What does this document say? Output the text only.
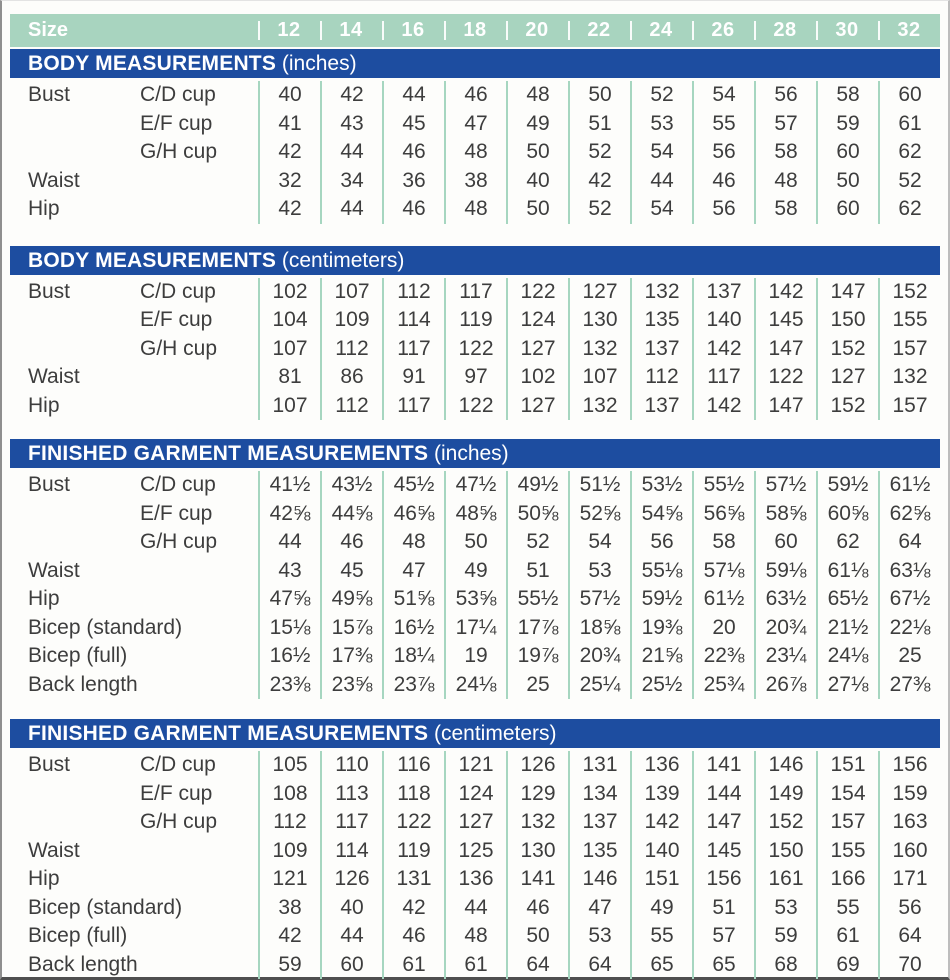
Size	12	14	16	18	20	22	24	26	28	30	32
BODY MEASUREMENTS (inches)
Bust	C/D cup	40	42	44	46	48	50	52	54	56	58	60
E/F cup	41	43	45	47	49	51	53	55	57	59	61
G/H cup	42	44	46	48	50	52	54	56	58	60	62
Waist	32	34	36	38	40	42	44	46	48	50	52
Hip	42	44	46	48	50	52	54	56	58	60	62
BODY MEASUREMENTS (centimeters)
Bust	C/D cup	102	107	112	117	122	127	132	137	142	147	152
E/F cup	104	109	114	119	124	130	135	140	145	150	155
G/H cup	107	112	117	122	127	132	137	142	147	152	157
Waist	81	86	91	97	102	107	112	117	122	127	132
Hip	107	112	117	122	127	132	137	142	147	152	157
FINISHED GARMENT MEASUREMENTS (inches)
Bust	C/D cup	41½	43½	45½	47½	49½	51½	53½	55½	57½	59½	61½
E/F cup	42⅝	44⅝	46⅝	48⅝	50⅝	52⅝	54⅝	56⅝	58⅝	60⅝	62⅝
G/H cup	44	46	48	50	52	54	56	58	60	62	64
Waist	43	45	47	49	51	53	55⅛	57⅛	59⅛	61⅛	63⅛
Hip	47⅝	49⅝	51⅝	53⅝	55½	57½	59½	61½	63½	65½	67½
Bicep (standard)	15⅛	15⅞	16½	17¼	17⅞	18⅝	19⅜	20	20¾	21½	22⅛
Bicep (full)	16½	17⅜	18¼	19	19⅞	20¾	21⅝	22⅜	23¼	24⅛	25
Back length	23⅜	23⅝	23⅞	24⅛	25	25¼	25½	25¾	26⅞	27⅛	27⅜
FINISHED GARMENT MEASUREMENTS (centimeters)
Bust	C/D cup	105	110	116	121	126	131	136	141	146	151	156
E/F cup	108	113	118	124	129	134	139	144	149	154	159
G/H cup	112	117	122	127	132	137	142	147	152	157	163
Waist	109	114	119	125	130	135	140	145	150	155	160
Hip	121	126	131	136	141	146	151	156	161	166	171
Bicep (standard)	38	40	42	44	46	47	49	51	53	55	56
Bicep (full)	42	44	46	48	50	53	55	57	59	61	64
Back length	59	60	61	61	64	64	65	65	68	69	70
